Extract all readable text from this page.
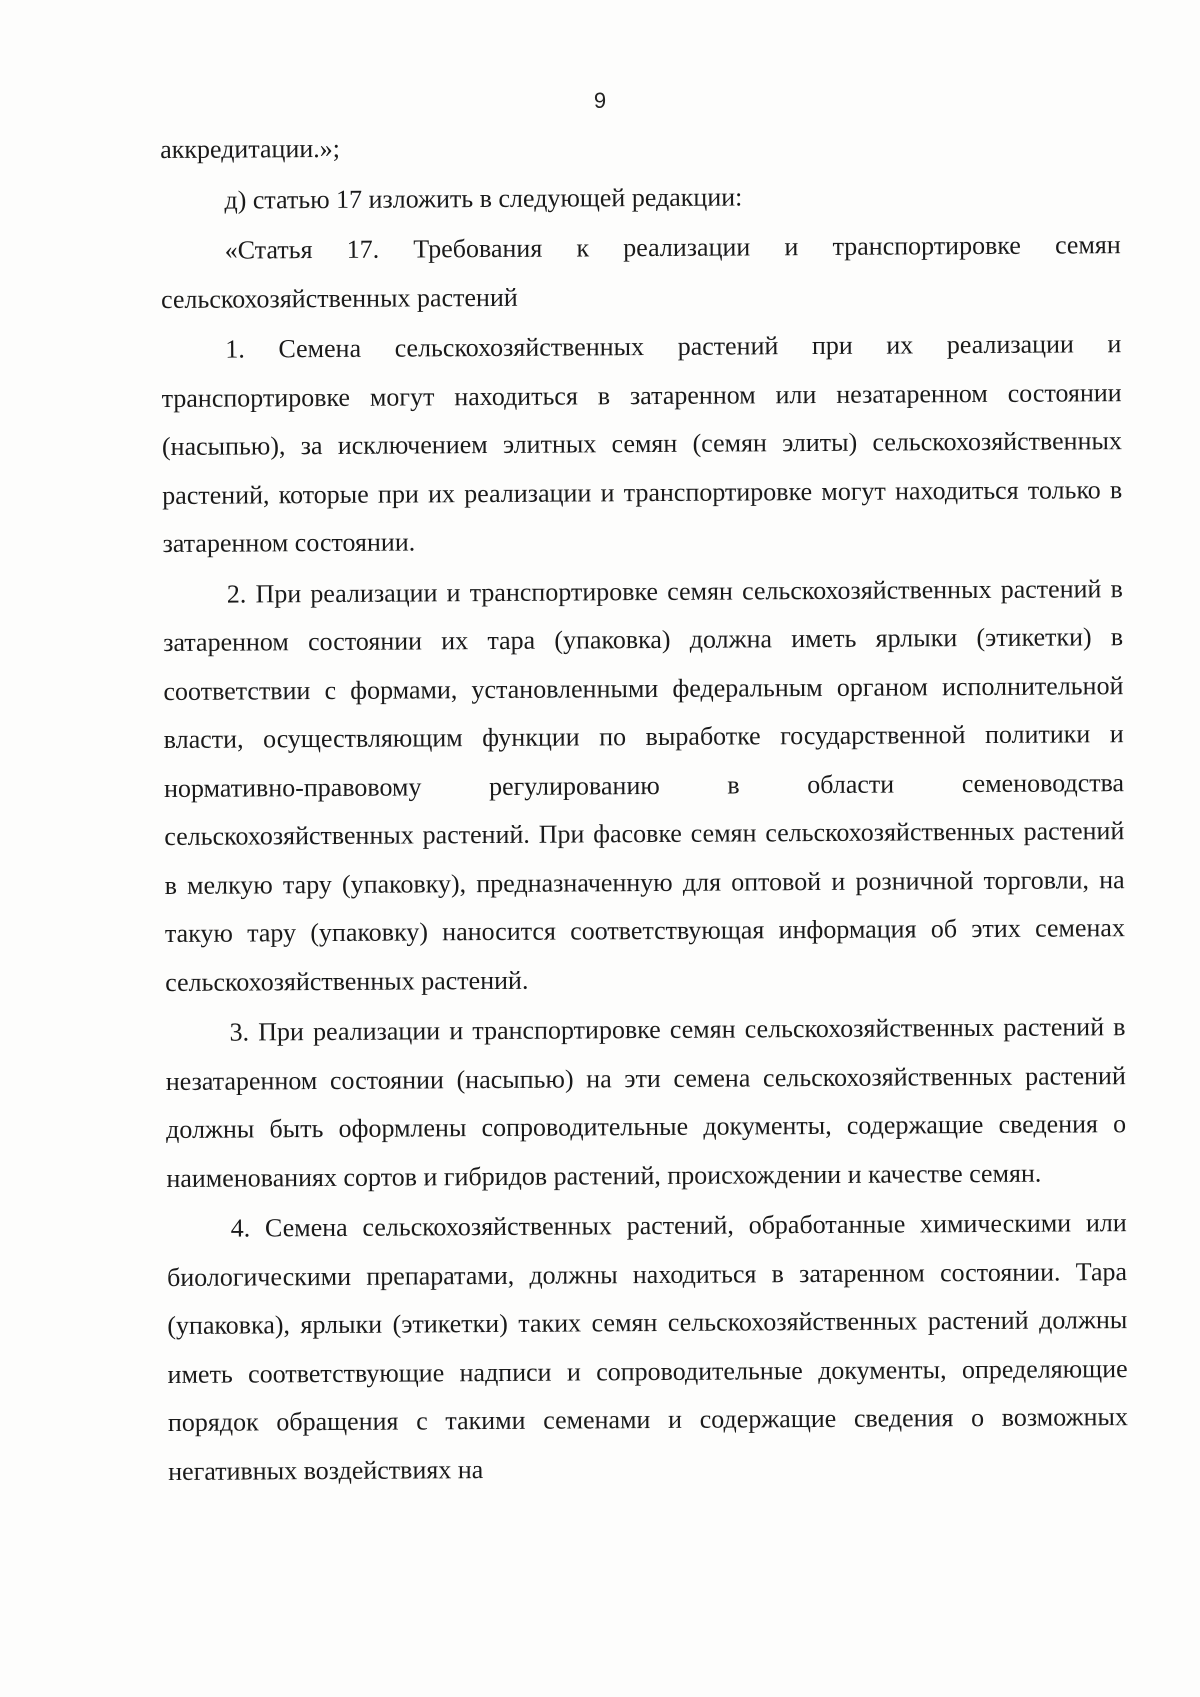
9

аккредитации.»;

д) статью 17 изложить в следующей редакции:

«Статья 17. Требования к реализации и транспортировке семян сельскохозяйственных растений

1. Семена сельскохозяйственных растений при их реализации и транспортировке могут находиться в затаренном или незатаренном состоянии (насыпью), за исключением элитных семян (семян элиты) сельскохозяйственных растений, которые при их реализации и транспортировке могут находиться только в затаренном состоянии.

2. При реализации и транспортировке семян сельскохозяйственных растений в затаренном состоянии их тара (упаковка) должна иметь ярлыки (этикетки) в соответствии с формами, установленными федеральным органом исполнительной власти, осуществляющим функции по выработке государственной политики и нормативно-правовому регулированию в области семеноводства сельскохозяйственных растений. При фасовке семян сельскохозяйственных растений в мелкую тару (упаковку), предназначенную для оптовой и розничной торговли, на такую тару (упаковку) наносится соответствующая информация об этих семенах сельскохозяйственных растений.

3. При реализации и транспортировке семян сельскохозяйственных растений в незатаренном состоянии (насыпью) на эти семена сельскохозяйственных растений должны быть оформлены сопроводительные документы, содержащие сведения о наименованиях сортов и гибридов растений, происхождении и качестве семян.

4. Семена сельскохозяйственных растений, обработанные химическими или биологическими препаратами, должны находиться в затаренном состоянии. Тара (упаковка), ярлыки (этикетки) таких семян сельскохозяйственных растений должны иметь соответствующие надписи и сопроводительные документы, определяющие порядок обращения с такими семенами и содержащие сведения о возможных негативных воздействиях на
